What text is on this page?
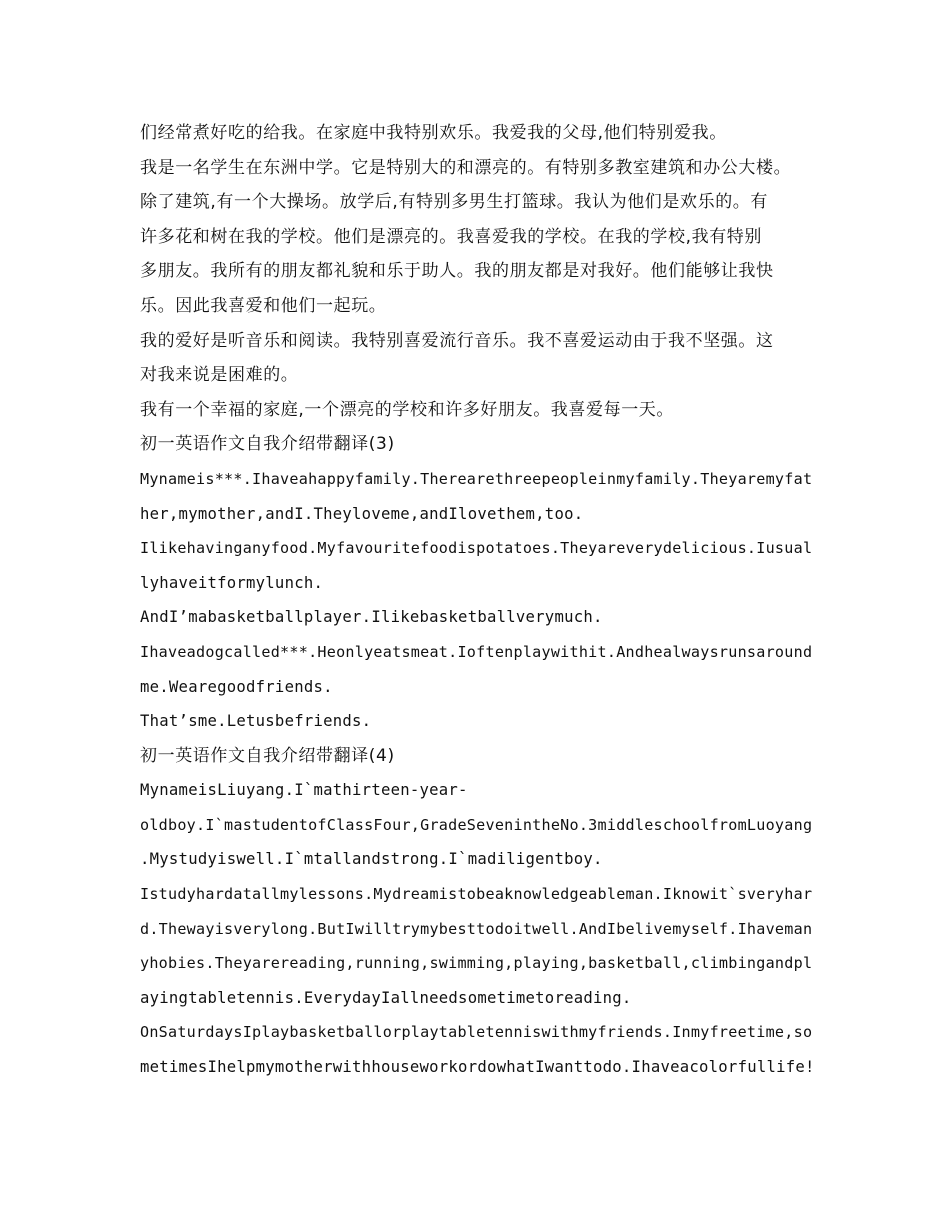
们经常煮好吃的给我。在家庭中我特别欢乐。我爱我的父母,他们特别爱我。

我是一名学生在东洲中学。它是特别大的和漂亮的。有特别多教室建筑和办公大楼。

除了建筑,有一个大操场。放学后,有特别多男生打篮球。我认为他们是欢乐的。有

许多花和树在我的学校。他们是漂亮的。我喜爱我的学校。在我的学校,我有特别

多朋友。我所有的朋友都礼貌和乐于助人。我的朋友都是对我好。他们能够让我快

乐。因此我喜爱和他们一起玩。

我的爱好是听音乐和阅读。我特别喜爱流行音乐。我不喜爱运动由于我不坚强。这

对我来说是困难的。

我有一个幸福的家庭,一个漂亮的学校和许多好朋友。我喜爱每一天。

初一英语作文自我介绍带翻译(3)

Mynameis***.Ihaveahappyfamily.Therearethreepeopleinmyfamily.Theyaremyfat

her,mymother,andI.Theyloveme,andIlovethem,too.

Ilikehavinganyfood.Myfavouritefoodispotatoes.Theyareverydelicious.Iusual

lyhaveitformylunch.

AndI’mabasketballplayer.Ilikebasketballverymuch.

Ihaveadogcalled***.Heonlyeatsmeat.Ioftenplaywithit.Andhealwaysrunsaround

me.Wearegoodfriends.

That’sme.Letusbefriends.

初一英语作文自我介绍带翻译(4)

MynameisLiuyang.I`mathirteen-year-

oldboy.I`mastudentofClassFour,GradeSevenintheNo.3middleschoolfromLuoyang

.Mystudyiswell.I`mtallandstrong.I`madiligentboy.

Istudyhardatallmylessons.Mydreamistobeaknowledgeableman.Iknowit`sveryhar

d.Thewayisverylong.ButIwilltrymybesttodoitwell.AndIbelivemyself.Ihaveman

yhobies.Theyarereading,running,swimming,playing,basketball,climbingandpl

ayingtabletennis.EverydayIallneedsometimetoreading.

OnSaturdaysIplaybasketballorplaytabletenniswithmyfriends.Inmyfreetime,so

metimesIhelpmymotherwithhouseworkordowhatIwanttodo.Ihaveacolorfullife!
